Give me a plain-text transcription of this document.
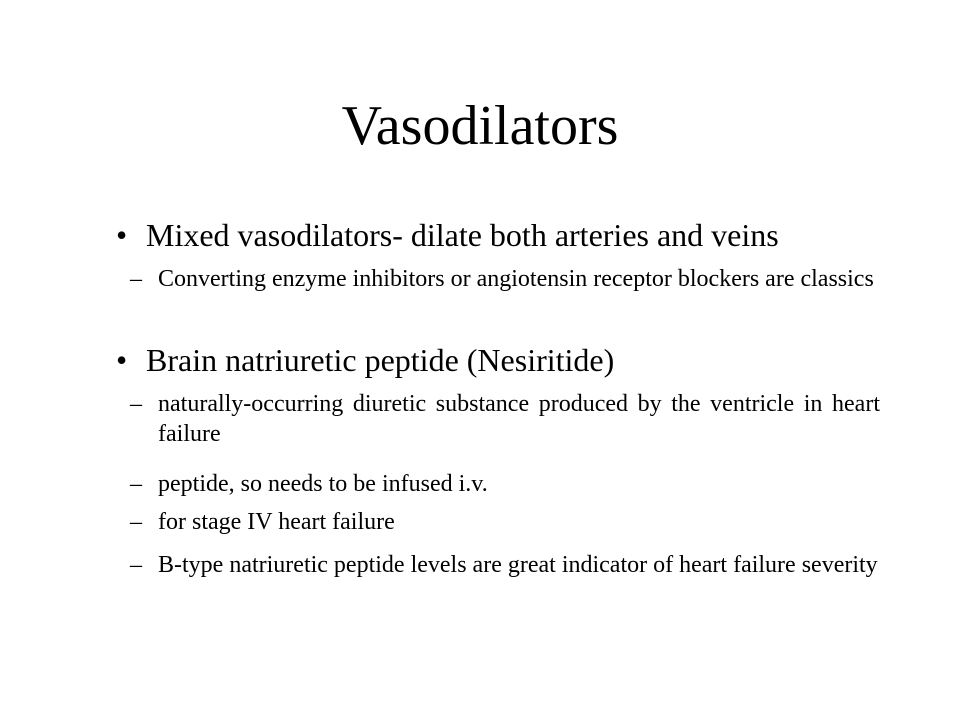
Vasodilators
• Mixed vasodilators- dilate both arteries and veins
– Converting enzyme inhibitors or angiotensin receptor blockers are classics
• Brain natriuretic peptide (Nesiritide)
– naturally-occurring diuretic substance produced by the ventricle in heart failure
– peptide, so needs to be infused i.v.
– for stage IV heart failure
– B-type natriuretic peptide levels are great indicator of heart failure severity
